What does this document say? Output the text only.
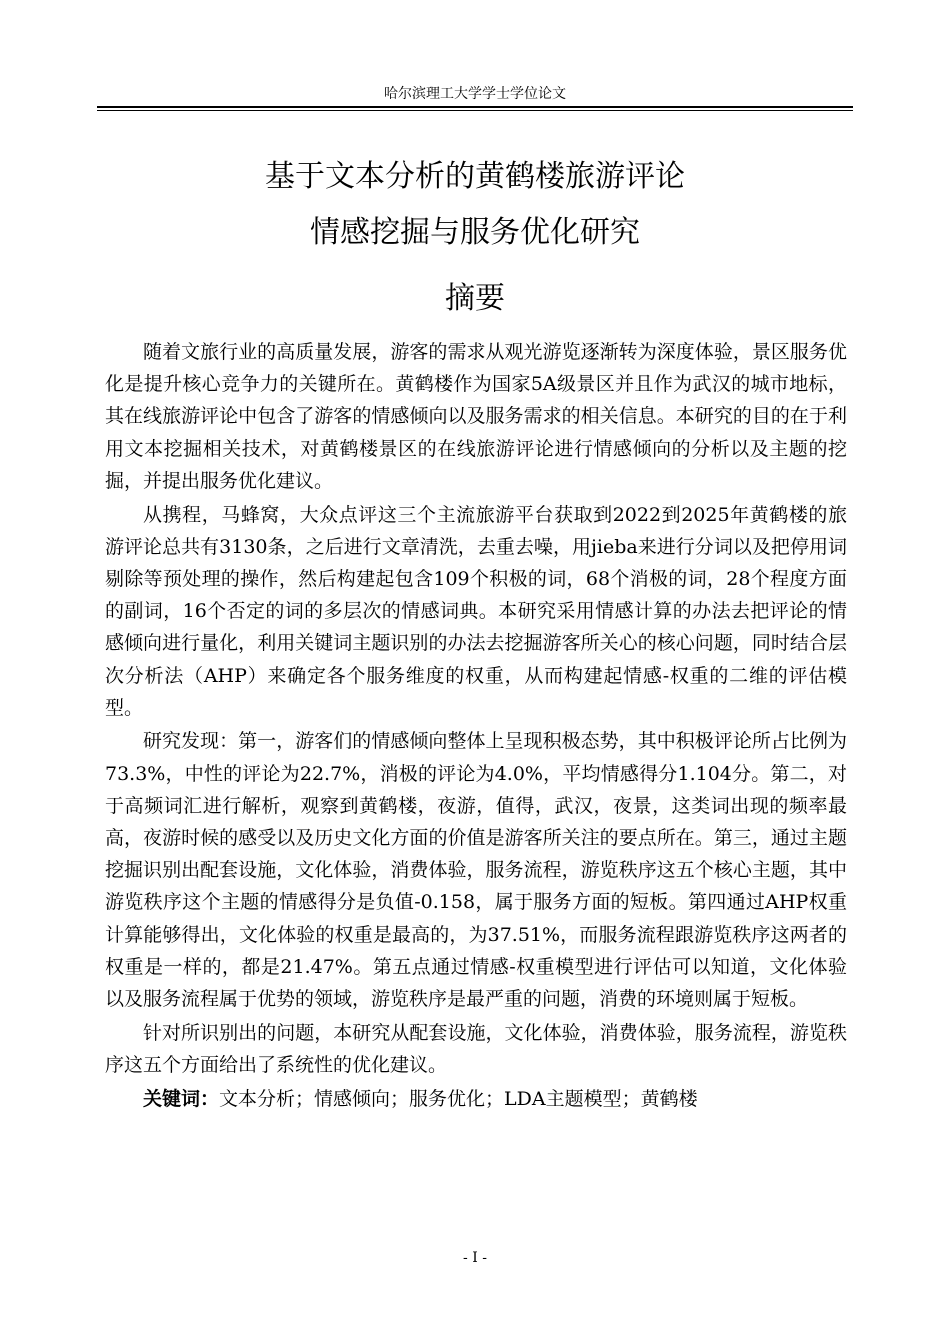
哈尔滨理工大学学士学位论文
基于文本分析的黄鹤楼旅游评论
情感挖掘与服务优化研究
摘要

随着文旅行业的高质量发展，游客的需求从观光游览逐渐转为深度体验，景区服务优化是提升核心竞争力的关键所在。黄鹤楼作为国家5A级景区并且作为武汉的城市地标，其在线旅游评论中包含了游客的情感倾向以及服务需求的相关信息。本研究的目的在于利用文本挖掘相关技术，对黄鹤楼景区的在线旅游评论进行情感倾向的分析以及主题的挖掘，并提出服务优化建议。

从携程，马蜂窝，大众点评这三个主流旅游平台获取到2022到2025年黄鹤楼的旅游评论总共有3130条，之后进行文章清洗，去重去噪，用jieba来进行分词以及把停用词剔除等预处理的操作，然后构建起包含109个积极的词，68个消极的词，28个程度方面的副词，16个否定的词的多层次的情感词典。本研究采用情感计算的办法去把评论的情感倾向进行量化，利用关键词主题识别的办法去挖掘游客所关心的核心问题，同时结合层次分析法（AHP）来确定各个服务维度的权重，从而构建起情感-权重的二维的评估模型。

研究发现：第一，游客们的情感倾向整体上呈现积极态势，其中积极评论所占比例为73.3%，中性的评论为22.7%，消极的评论为4.0%，平均情感得分1.104分。第二，对于高频词汇进行解析，观察到黄鹤楼，夜游，值得，武汉，夜景，这类词出现的频率最高，夜游时候的感受以及历史文化方面的价值是游客所关注的要点所在。第三，通过主题挖掘识别出配套设施，文化体验，消费体验，服务流程，游览秩序这五个核心主题，其中游览秩序这个主题的情感得分是负值-0.158，属于服务方面的短板。第四通过AHP权重计算能够得出，文化体验的权重是最高的，为37.51%，而服务流程跟游览秩序这两者的权重是一样的，都是21.47%。第五点通过情感-权重模型进行评估可以知道，文化体验以及服务流程属于优势的领域，游览秩序是最严重的问题，消费的环境则属于短板。

针对所识别出的问题，本研究从配套设施，文化体验，消费体验，服务流程，游览秩序这五个方面给出了系统性的优化建议。

关键词：文本分析；情感倾向；服务优化；LDA主题模型；黄鹤楼

- I -
